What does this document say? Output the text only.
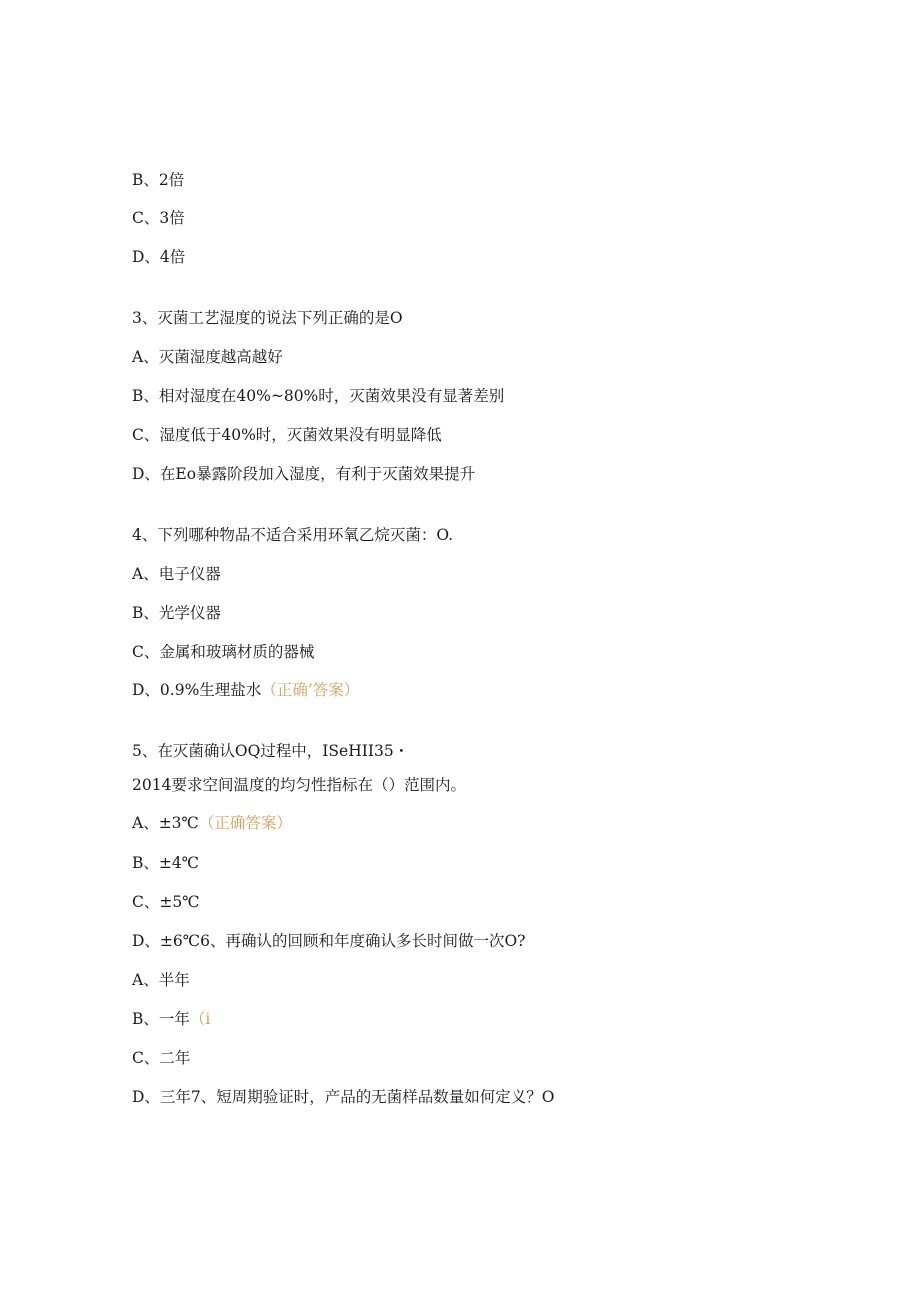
B、2倍
C、3倍
D、4倍
3、灭菌工艺湿度的说法下列正确的是O
A、灭菌湿度越高越好
B、相对湿度在40%~80%时，灭菌效果没有显著差别
C、湿度低于40%时，灭菌效果没有明显降低
D、在Eo暴露阶段加入湿度，有利于灭菌效果提升
4、下列哪种物品不适合采用环氧乙烷灭菌：O.
A、电子仪器
B、光学仪器
C、金属和玻璃材质的器械
D、0.9%生理盐水（正确’答案）
5、在灭菌确认OQ过程中，ISeHII35・
2014要求空间温度的均匀性指标在（）范围内。
A、±3℃（正确答案）
B、±4℃
C、±5℃
D、±6℃6、再确认的回顾和年度确认多长时间做一次O?
A、半年
B、一年（i
C、二年
D、三年7、短周期验证时，产品的无菌样品数量如何定义？O
